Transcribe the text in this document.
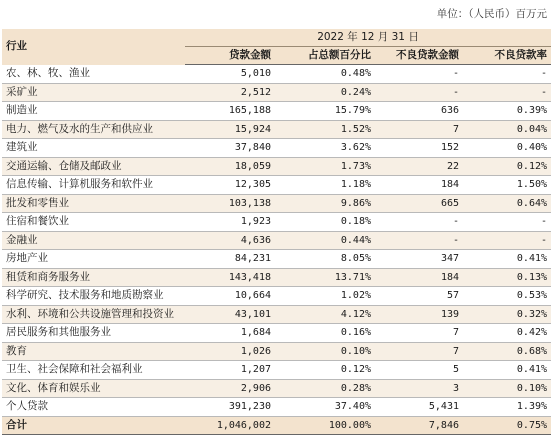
单位：（人民币）百万元
行业	2022 年 12 月 31 日			
	贷款金额	占总额百分比	不良贷款金额	不良贷款率
农、林、牧、渔业	5,010	0.48%	-	-
采矿业	2,512	0.24%	-	-
制造业	165,188	15.79%	636	0.39%
电力、燃气及水的生产和供应业	15,924	1.52%	7	0.04%
建筑业	37,840	3.62%	152	0.40%
交通运输、仓储及邮政业	18,059	1.73%	22	0.12%
信息传输、计算机服务和软件业	12,305	1.18%	184	1.50%
批发和零售业	103,138	9.86%	665	0.64%
住宿和餐饮业	1,923	0.18%	-	-
金融业	4,636	0.44%	-	-
房地产业	84,231	8.05%	347	0.41%
租赁和商务服务业	143,418	13.71%	184	0.13%
科学研究、技术服务和地质勘察业	10,664	1.02%	57	0.53%
水利、环境和公共设施管理和投资业	43,101	4.12%	139	0.32%
居民服务和其他服务业	1,684	0.16%	7	0.42%
教育	1,026	0.10%	7	0.68%
卫生、社会保障和社会福利业	1,207	0.12%	5	0.41%
文化、体育和娱乐业	2,906	0.28%	3	0.10%
个人贷款	391,230	37.40%	5,431	1.39%
合计	1,046,002	100.00%	7,846	0.75%
